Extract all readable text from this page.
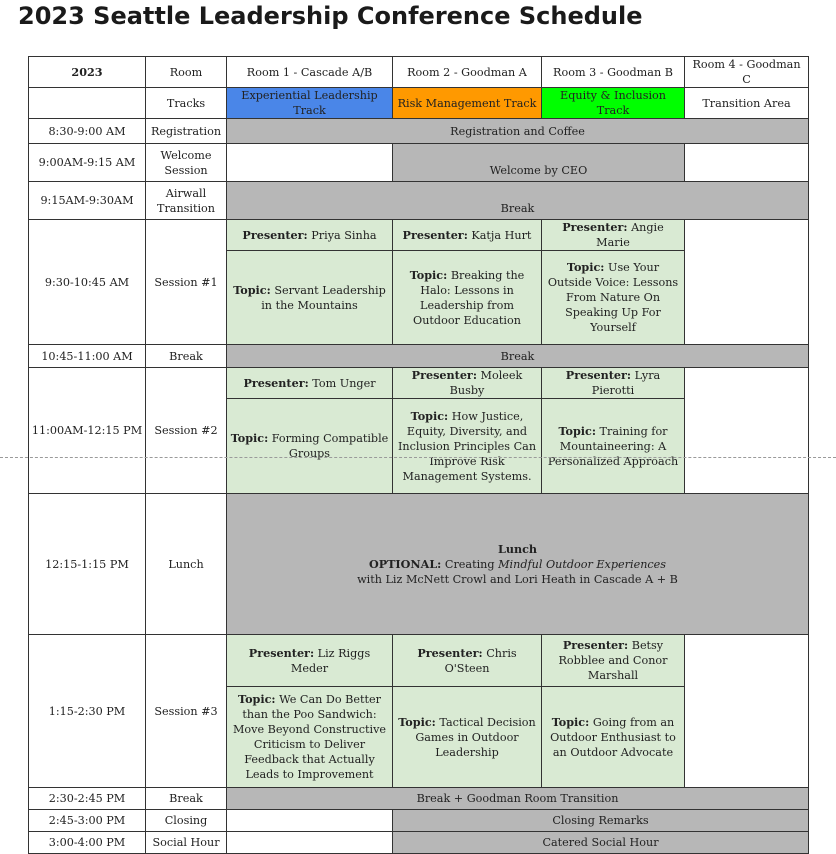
2023 Seattle Leadership Conference Schedule
2023	Room	Room 1 - Cascade A/B	Room 2 - Goodman A	Room 3 - Goodman B	Room 4 - Goodman C
	Tracks	Experiential Leadership Track	Risk Management Track	Equity & Inclusion Track	Transition Area
8:30-9:00 AM	Registration	Registration and Coffee			
9:00AM-9:15 AM	Welcome Session		Welcome by CEO		
9:15AM-9:30AM	Airwall Transition	Break			
9:30-10:45 AM	Session #1	Presenter: Priya Sinha	Presenter: Katja Hurt	Presenter: Angie Marie	
		Topic: Servant Leadership in the Mountains	Topic: Breaking the Halo: Lessons in Leadership from Outdoor Education	Topic: Use Your Outside Voice: Lessons From Nature On Speaking Up For Yourself	
10:45-11:00 AM	Break	Break			
11:00AM-12:15 PM	Session #2	Presenter: Tom Unger	Presenter: Moleek Busby	Presenter: Lyra Pierotti	
		Topic: Forming Compatible Groups	Topic: How Justice, Equity, Diversity, and Inclusion Principles Can Improve Risk Management Systems.	Topic: Training for Mountaineering: A Personalized Approach	
12:15-1:15 PM	Lunch	Lunch
OPTIONAL: Creating Mindful Outdoor Experiences
with Liz McNett Crowl and Lori Heath in Cascade A + B			
1:15-2:30 PM	Session #3	Presenter: Liz Riggs Meder	Presenter: Chris O'Steen	Presenter: Betsy Robblee and Conor Marshall	
		Topic: We Can Do Better than the Poo Sandwich: Move Beyond Constructive Criticism to Deliver Feedback that Actually Leads to Improvement	Topic: Tactical Decision Games in Outdoor Leadership	Topic: Going from an Outdoor Enthusiast to an Outdoor Advocate	
2:30-2:45 PM	Break	Break + Goodman Room Transition			
2:45-3:00 PM	Closing		Closing Remarks		
3:00-4:00 PM	Social Hour		Catered Social Hour		
